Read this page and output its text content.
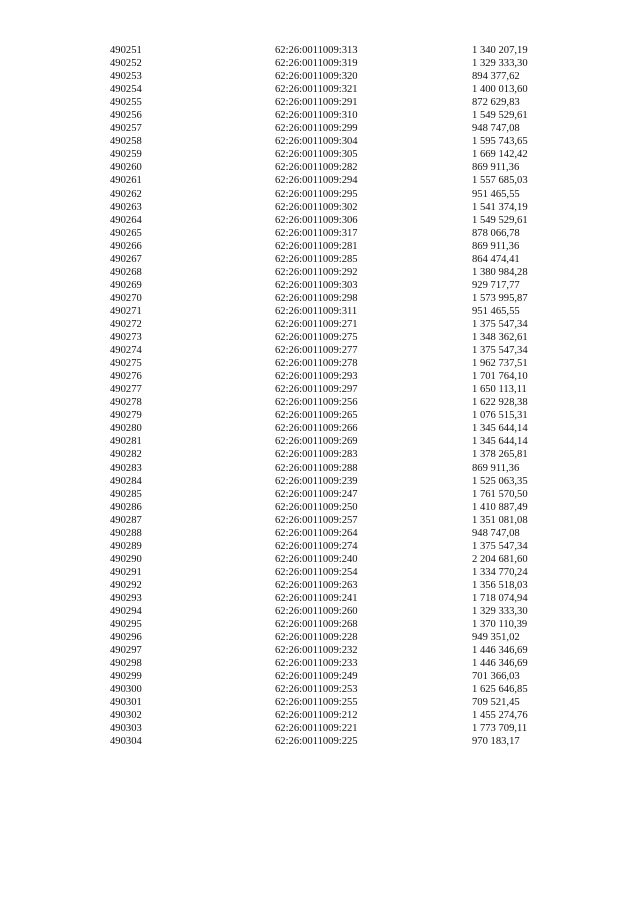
490251	62:26:0011009:313	1 340 207,19
490252	62:26:0011009:319	1 329 333,30
490253	62:26:0011009:320	894 377,62
490254	62:26:0011009:321	1 400 013,60
490255	62:26:0011009:291	872 629,83
490256	62:26:0011009:310	1 549 529,61
490257	62:26:0011009:299	948 747,08
490258	62:26:0011009:304	1 595 743,65
490259	62:26:0011009:305	1 669 142,42
490260	62:26:0011009:282	869 911,36
490261	62:26:0011009:294	1 557 685,03
490262	62:26:0011009:295	951 465,55
490263	62:26:0011009:302	1 541 374,19
490264	62:26:0011009:306	1 549 529,61
490265	62:26:0011009:317	878 066,78
490266	62:26:0011009:281	869 911,36
490267	62:26:0011009:285	864 474,41
490268	62:26:0011009:292	1 380 984,28
490269	62:26:0011009:303	929 717,77
490270	62:26:0011009:298	1 573 995,87
490271	62:26:0011009:311	951 465,55
490272	62:26:0011009:271	1 375 547,34
490273	62:26:0011009:275	1 348 362,61
490274	62:26:0011009:277	1 375 547,34
490275	62:26:0011009:278	1 962 737,51
490276	62:26:0011009:293	1 701 764,10
490277	62:26:0011009:297	1 650 113,11
490278	62:26:0011009:256	1 622 928,38
490279	62:26:0011009:265	1 076 515,31
490280	62:26:0011009:266	1 345 644,14
490281	62:26:0011009:269	1 345 644,14
490282	62:26:0011009:283	1 378 265,81
490283	62:26:0011009:288	869 911,36
490284	62:26:0011009:239	1 525 063,35
490285	62:26:0011009:247	1 761 570,50
490286	62:26:0011009:250	1 410 887,49
490287	62:26:0011009:257	1 351 081,08
490288	62:26:0011009:264	948 747,08
490289	62:26:0011009:274	1 375 547,34
490290	62:26:0011009:240	2 204 681,60
490291	62:26:0011009:254	1 334 770,24
490292	62:26:0011009:263	1 356 518,03
490293	62:26:0011009:241	1 718 074,94
490294	62:26:0011009:260	1 329 333,30
490295	62:26:0011009:268	1 370 110,39
490296	62:26:0011009:228	949 351,02
490297	62:26:0011009:232	1 446 346,69
490298	62:26:0011009:233	1 446 346,69
490299	62:26:0011009:249	701 366,03
490300	62:26:0011009:253	1 625 646,85
490301	62:26:0011009:255	709 521,45
490302	62:26:0011009:212	1 455 274,76
490303	62:26:0011009:221	1 773 709,11
490304	62:26:0011009:225	970 183,17
